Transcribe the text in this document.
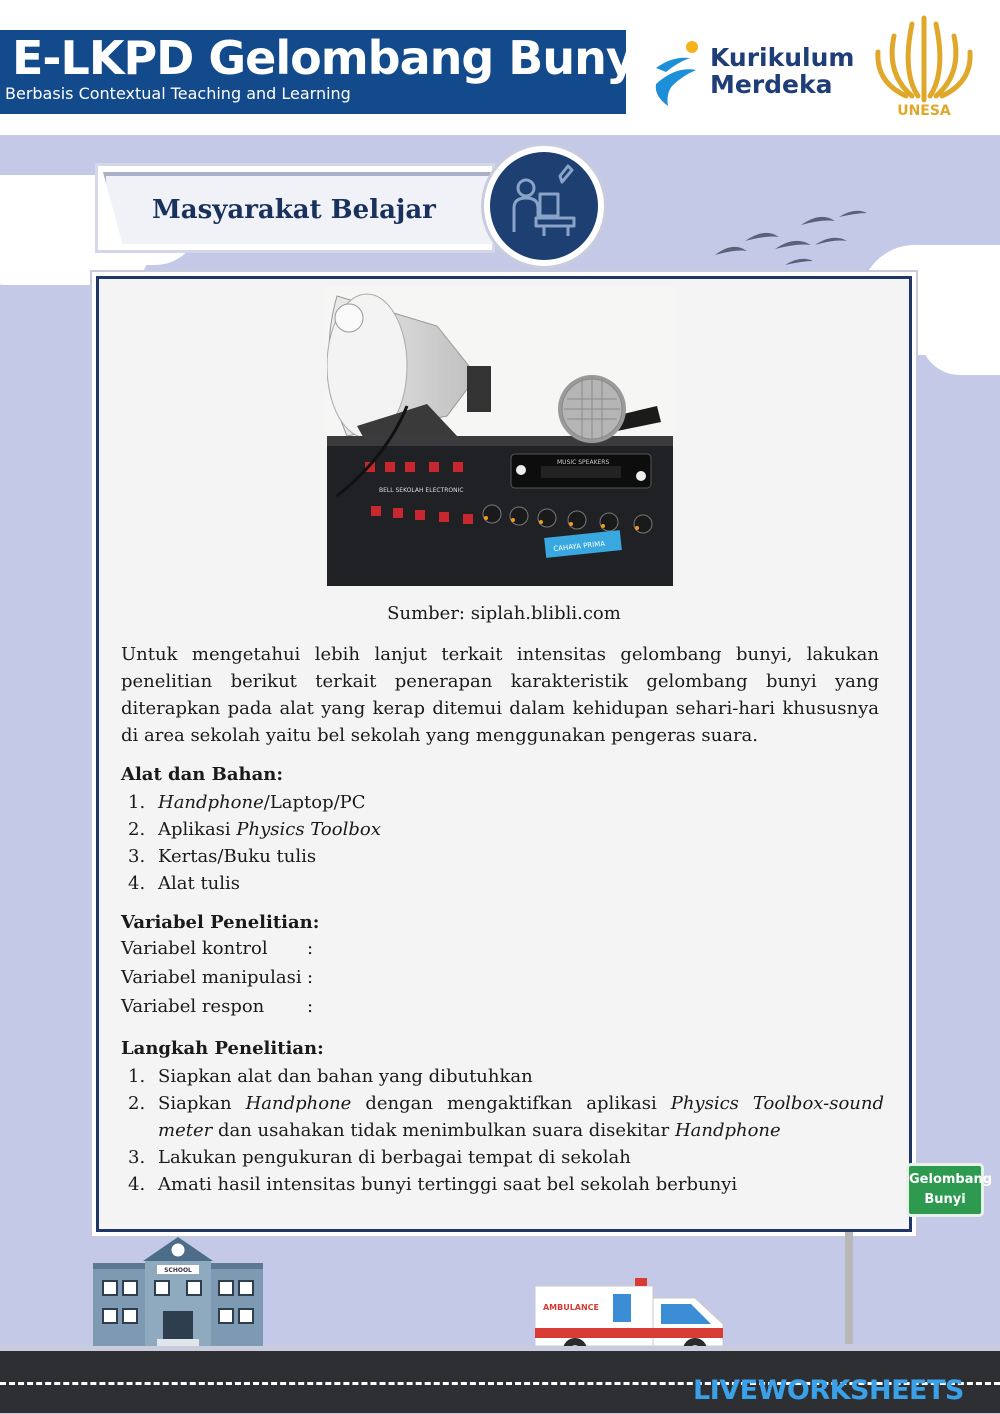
E-LKPD Gelombang Bunyi
Berbasis Contextual Teaching and Learning
Kurikulum
Merdeka
UNESA
Masyarakat Belajar
BELL SEKOLAH ELECTRONIC
MUSIC SPEAKERS
CAHAYA PRIMA
Sumber: siplah.blibli.com
Untuk mengetahui lebih lanjut terkait intensitas gelombang bunyi, lakukan penelitian berikut terkait penerapan karakteristik gelombang bunyi yang diterapkan pada alat yang kerap ditemui dalam kehidupan sehari-hari khususnya di area sekolah yaitu bel sekolah yang menggunakan pengeras suara.
Alat dan Bahan:
1. Handphone/Laptop/PC
2. Aplikasi Physics Toolbox
3. Kertas/Buku tulis
4. Alat tulis
Variabel Penelitian:
Variabel kontrol :
Variabel manipulasi :
Variabel respon :
Langkah Penelitian:
1. Siapkan alat dan bahan yang dibutuhkan
2. Siapkan Handphone dengan mengaktifkan aplikasi Physics Toolbox-sound meter dan usahakan tidak menimbulkan suara disekitar Handphone
3. Lakukan pengukuran di berbagai tempat di sekolah
4. Amati hasil intensitas bunyi tertinggi saat bel sekolah berbunyi
SCHOOL
AMBULANCE
Gelombang
Bunyi
LIVEWORKSHEETS
